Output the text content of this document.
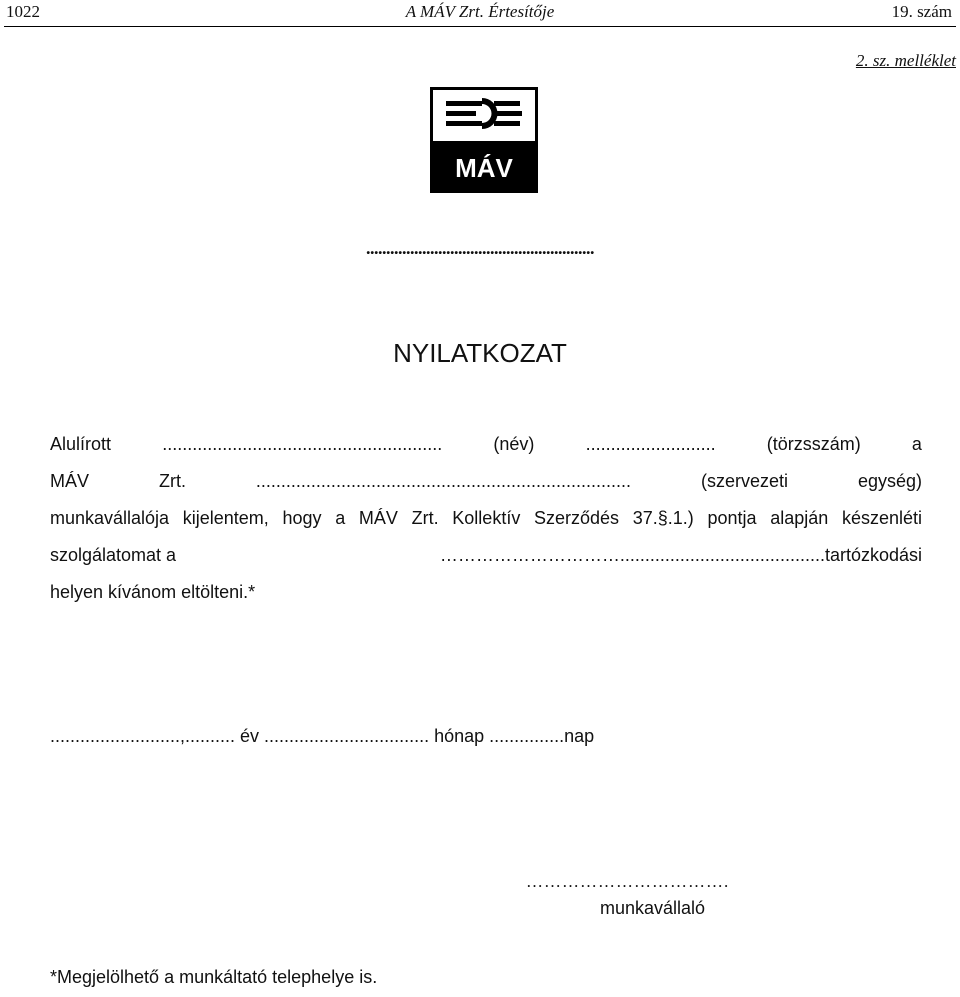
1022	A MÁV Zrt. Értesítője	19. szám
2. sz. melléklet
MÁV
.........................................................
NYILATKOZAT
Alulírott	........................................................	(név)	..........................	(törzsszám)	a
MÁV	Zrt.	...........................................................................	(szervezeti	egység)
munkavállalója kijelentem, hogy a MÁV Zrt. Kollektív Szerződés 37.§.1.) pontja alapján készenléti
szolgálatomat a	………………………….........................................tartózkodási
helyen kívánom eltölteni.*
..........................,.......... év ................................. hónap ...............nap
…………………………….
munkavállaló
*Megjelölhető a munkáltató telephelye is.
